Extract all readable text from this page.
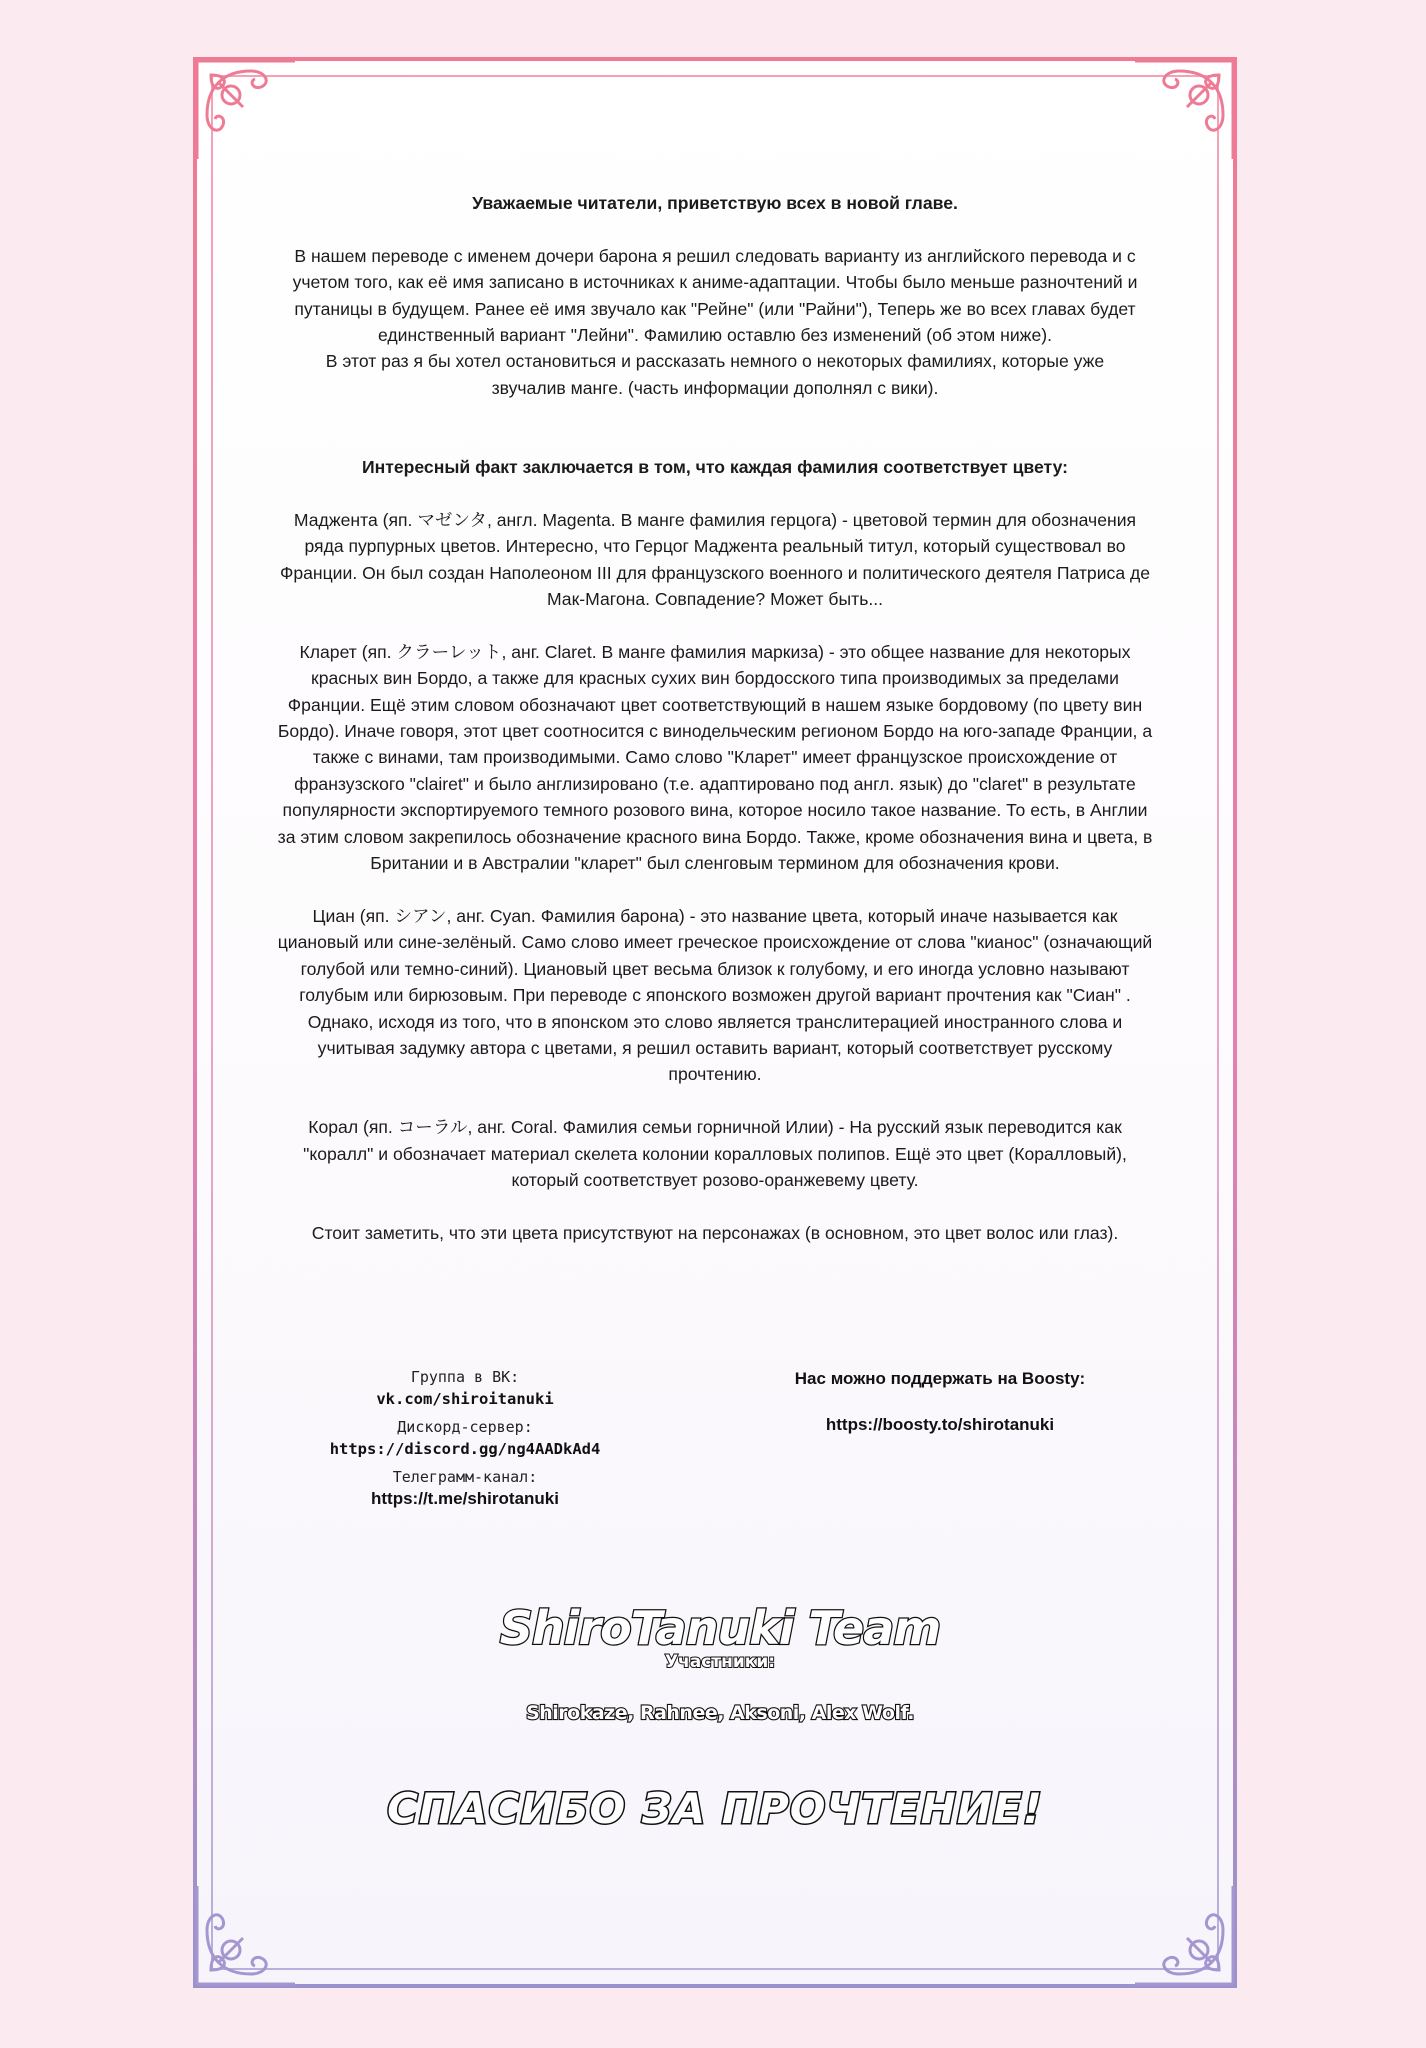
Уважаемые читатели, приветствую всех в новой главе.

В нашем переводе с именем дочери барона я решил следовать варианту из английского перевода и с
учетом того, как её имя записано в источниках к аниме-адаптации. Чтобы было меньше разночтений и
путаницы в будущем. Ранее её имя звучало как "Рейне" (или "Райни"), Теперь же во всех главах будет
единственный вариант "Лейни". Фамилию оставлю без изменений (об этом ниже).
В этот раз я бы хотел остановиться и рассказать немного о некоторых фамилиях, которые уже
звучалив манге. (часть информации дополнял с вики).

Интересный факт заключается в том, что каждая фамилия соответствует цвету:

Маджента (яп. マゼンタ, англ. Magenta. В манге фамилия герцога) - цветовой термин для обозначения
ряда пурпурных цветов. Интересно, что Герцог Маджента реальный титул, который существовал во
Франции. Он был создан Наполеоном III для французского военного и политического деятеля Патриса де
Мак-Магона. Совпадение? Может быть...

Кларет (яп. クラーレット, анг. Claret. В манге фамилия маркиза) - это общее название для некоторых
красных вин Бордо, а также для красных сухих вин бордосского типа производимых за пределами
Франции. Ещё этим словом обозначают цвет соответствующий в нашем языке бордовому (по цвету вин
Бордо). Иначе говоря, этот цвет соотносится с винодельческим регионом Бордо на юго-западе Франции, а
также с винами, там производимыми. Само слово "Кларет" имеет французское происхождение от
фрaнзузского "clairet" и было англизировано (т.е. адаптировано под англ. язык) до "claret" в результате
популярности экспортируемого темного розового вина, которое носило такое название. То есть, в Англии
за этим словом закрепилось обозначение красного вина Бордо. Также, кроме обозначения вина и цвета, в
Британии и в Австралии "кларет" был сленговым термином для обозначения крови.

Циан (яп. シアン, анг. Cyan. Фамилия барона) - это название цвета, который иначе называется как
циановый или сине-зелёный. Само слово имеет греческое происхождение от слова "кианос" (означающий
голубой или темно-синий). Циановый цвет весьма близок к голубому, и его иногда условно называют
голубым или бирюзовым. При переводе с японского возможен другой вариант прочтения как "Сиан" .
Однако, исходя из того, что в японском это слово является транслитерацией иностранного слова и
учитывая задумку автора с цветами, я решил оставить вариант, который соответствует русскому
прочтению.

Корал (яп. コーラル, анг. Coral. Фамилия семьи горничной Илии) - На русский язык переводится как
"коралл" и обозначает материал скелета колонии коралловых полипов. Ещё это цвет (Коралловый),
который соответствует розово-оранжевему цвету.

Стоит заметить, что эти цвета присутствуют на персонажах (в основном, это цвет волос или глаз).

Группа в ВК:
vk.com/shiroitanuki
Дискорд-сервер:
https://discord.gg/ng4AADkAd4
Телеграмм-канал:
https://t.me/shirotanuki
Нас можно поддержать на Boosty:
https://boosty.to/shirotanuki
ShiroTanuki Team
Участники:
Shirokaze, Rahnee, Aksoni, Alex Wolf.
СПАСИБО ЗА ПРОЧТЕНИЕ!
